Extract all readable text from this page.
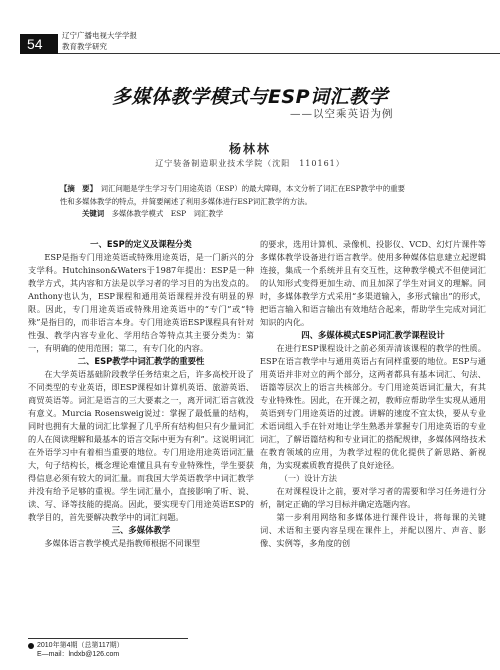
54
辽宁广播电视大学学报
教育教学研究
多媒体教学模式与ESP词汇教学
——以空乘英语为例
杨林林
辽宁装备制造职业技术学院（沈阳　110161）
【摘　要】　 词汇问题是学生学习专门用途英语（ESP）的最大障碍，本文分析了词汇在ESP教学中的重要
性和多媒体教学的特点，并简要阐述了利用多媒体进行ESP词汇教学的方法。
关键词　 多媒体教学模式　ESP　词汇教学
一、ESP的定义及课程分类

ESP是指专门用途英语或特殊用途英语，是一门新兴的分支学科。Hutchinson&Waters于1987年提出：ESP是一种教学方式，其内容和方法是以学习者的学习目的为出发点的。Anthony也认为，ESP课程和通用英语课程并没有明显的界限。因此，专门用途英语或特殊用途英语中的“专门”或“特殊”是指目的，而非语言本身。专门用途英语ESP课程具有针对性强、教学内容专业化、学用结合等特点其主要分类为：第一，有明确的使用范围；第二，有专门化的内容。

二、ESP教学中词汇教学的重要性

在大学英语基础阶段教学任务结束之后，许多高校开设了不同类型的专业英语，即ESP课程如计算机英语、旅游英语、商贸英语等。词汇是语言的三大要素之一，离开词汇语言就没有意义。Murcia Rosensweig说过：掌握了最低量的结构，同时也拥有大量的词汇比掌握了几乎所有结构但只有少量词汇的人在阅读理解和最基本的语言交际中更为有利”。这说明词汇在外语学习中有着相当重要的地位。专门用途用途英语词汇量大，句子结构长，概念理论难懂且具有专业特殊性，学生要获得信息必须有较大的词汇量。而我国大学英语教学中词汇教学并没有给予足够的重视。学生词汇量小，直接影响了听、说、读、写、译等技能的提高。因此，要实现专门用途英语ESP的教学目的，首先要解决教学中的词汇问题。

三、多媒体教学

多媒体语言教学模式是指教师根据不同课型

的要求，选用计算机、录像机、投影仪、VCD、幻灯片课件等多媒体教学设备进行语言教学。使用多种媒体信息建立起逻辑连接，集成一个系统并且有交互性，这种教学模式不但使词汇的认知形式变得更加生动、而且加深了学生对词义的理解。同时，多媒体教学方式采用“多渠道输入，多形式输出”的形式，把语言输入和语言输出有效地结合起来，帮助学生完成对词汇知识的内化。

四、多媒体模式ESP词汇教学课程设计

在进行ESP课程设计之前必须弄清该课程的教学的性质。ESP在语言教学中与通用英语占有同样重要的地位。ESP与通用英语并非对立的两个部分，这两者都具有基本词汇、句法、语篇等层次上的语言共核部分。专门用途英语词汇量大，有其专业特殊性。因此，在开课之初，教师应帮助学生实现从通用英语到专门用途英语的过渡。讲解的速度不宜太快，要从专业术语词组入手在针对地让学生熟悉并掌握专门用途英语的专业词汇，了解语篇结构和专业词汇的搭配规律，多媒体网络技术在教育领域的应用，为教学过程的优化提供了新思路、新视角，为实现素质教育提供了良好途径。

（一）设计方法

在对课程设计之前，要对学习者的需要和学习任务进行分析，制定正确的学习目标并确定选题内容。

第一步利用网络和多媒体进行课件设计，将每课的关键词、术语和主要内容呈现在课件上，并配以图片、声音、影像、实例等，多角度的创

2010年第4期（总第117期）
E—mail：lndxb@126.com
